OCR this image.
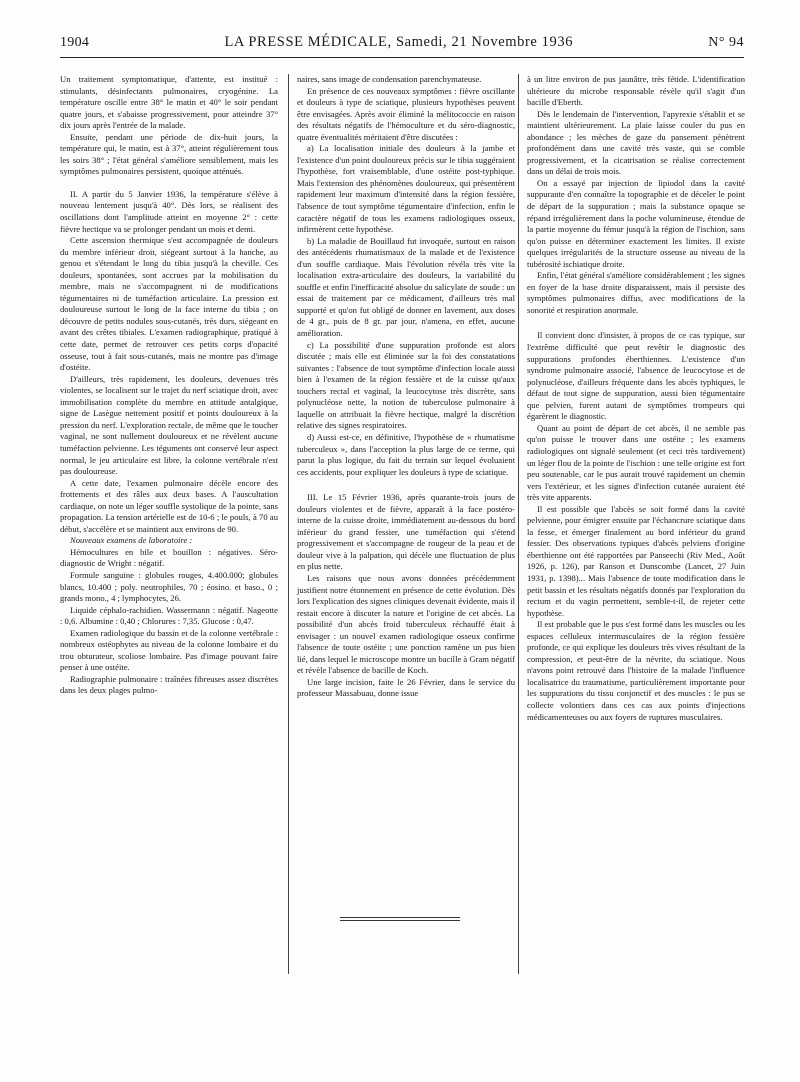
1904	LA PRESSE MÉDICALE, Samedi, 21 Novembre 1936	N° 94

Un traitement symptomatique, d'attente, est institué : stimulants, désinfectants pulmonaires, cryogénine. La température oscille entre 38° le matin et 40° le soir pendant quatre jours, et s'abaisse progressivement, pour atteindre 37° dix jours après l'entrée de la malade.

Ensuite, pendant une période de dix-huit jours, la température qui, le matin, est à 37°, atteint régulièrement tous les soirs 38° ; l'état général s'améliore sensiblement, mais les symptômes pulmonaires persistent, quoique atténués.

II. A partir du 5 Janvier 1936, la température s'élève à nouveau lentement jusqu'à 40°. Dès lors, se réalisent des oscillations dont l'amplitude atteint en moyenne 2° : cette fièvre hectique va se prolonger pendant un mois et demi.

Cette ascension thermique s'est accompagnée de douleurs du membre inférieur droit, siégeant surtout à la hanche, au genou et s'étendant le long du tibia jusqu'à la cheville. Ces douleurs, spontanées, sont accrues par la mobilisation du membre, mais ne s'accompagnent ni de modifications tégumentaires ni de tuméfaction articulaire. La pression est douloureuse surtout le long de la face interne du tibia ; on découvre de petits nodules sous-cutanés, très durs, siégeant en avant des crêtes tibiales. L'examen radiographique, pratiqué à cette date, permet de retrouver ces petits corps d'opacité osseuse, tout à fait sous-cutanés, mais ne montre pas d'image d'ostéite.

D'ailleurs, très rapidement, les douleurs, devenues très violentes, se localisent sur le trajet du nerf sciatique droit, avec immobilisation complète du membre en attitude antalgique, signe de Lasègue nettement positif et points douloureux à la pression du nerf. L'exploration rectale, de même que le toucher vaginal, ne sont nullement douloureux et ne révèlent aucune tuméfaction pelvienne. Les téguments ont conservé leur aspect normal, le jeu articulaire est libre, la colonne vertébrale n'est pas douloureuse.

A cette date, l'examen pulmonaire décèle encore des frottements et des râles aux deux bases. A l'auscultation cardiaque, on note un léger souffle systolique de la pointe, sans propagation. La tension artérielle est de 10-6 ; le pouls, à 70 au début, s'accélère et se maintient aux environs de 90.

Nouveaux examens de laboratoire :

Hémocultures en bile et bouillon : négatives. Séro-diagnostic de Wright : négatif.

Formule sanguine : globules rouges, 4.400.000; globules blancs, 10.400 ; poly. neutrophiles, 70 ; éosino. et baso., 0 ; grands mono., 4 ; lymphocytes, 26.

Liquide céphalo-rachidien. Wassermann : négatif. Nageotte : 0,6. Albumine : 0,40 ; Chlorures : 7,35. Glucose : 0,47.

Examen radiologique du bassin et de la colonne vertébrale : nombreux ostéophytes au niveau de la colonne lombaire et du trou obturateur, scoliose lombaire. Pas d'image pouvant faire penser à une ostéite.

Radiographie pulmonaire : traînées fibreuses assez discrètes dans les deux plages pulmo-

naires, sans image de condensation parenchymateuse.

En présence de ces nouveaux symptômes : fièvre oscillante et douleurs à type de sciatique, plusieurs hypothèses peuvent être envisagées. Après avoir éliminé la mélitococcie en raison des résultats négatifs de l'hémoculture et du séro-diagnostic, quatre éventualités méritaient d'être discutées :

a) La localisation initiale des douleurs à la jambe et l'existence d'un point douloureux précis sur le tibia suggéraient l'hypothèse, fort vraisemblable, d'une ostéite post-typhique. Mais l'extension des phénomènes douloureux, qui présentèrent rapidement leur maximum d'intensité dans la région fessière, l'absence de tout symptôme tégumentaire d'infection, enfin le caractère négatif de tous les examens radiologiques osseux, infirmèrent cette hypothèse.

b) La maladie de Bouillaud fut invoquée, surtout en raison des antécédents rhumatismaux de la malade et de l'existence d'un souffle cardiaque. Mais l'évolution révéla très vite la localisation extra-articulaire des douleurs, la variabilité du souffle et enfin l'inefficacité absolue du salicylate de soude : un essai de traitement par ce médicament, d'ailleurs très mal supporté et qu'on fut obligé de donner en lavement, aux doses de 4 gr., puis de 8 gr. par jour, n'amena, en effet, aucune amélioration.

c) La possibilité d'une suppuration profonde est alors discutée ; mais elle est éliminée sur la foi des constatations suivantes : l'absence de tout symptôme d'infection locale aussi bien à l'examen de la région fessière et de la cuisse qu'aux touchers rectal et vaginal, la leucocytose très discrète, sans polynucléose nette, la notion de tuberculose pulmonaire à laquelle on attribuait la fièvre hectique, malgré la discrétion relative des signes respiratoires.

d) Aussi est-ce, en définitive, l'hypothèse de « rhumatisme tuberculeux », dans l'acception la plus large de ce terme, qui parut la plus logique, du fait du terrain sur lequel évoluaient ces accidents, pour expliquer les douleurs à type de sciatique.

III. Le 15 Février 1936, après quarante-trois jours de douleurs violentes et de fièvre, apparaît à la face postéro-interne de la cuisse droite, immédiatement au-dessous du bord inférieur du grand fessier, une tuméfaction qui s'étend progressivement et s'accompagne de rougeur de la peau et de douleur vive à la palpation, qui décèle une fluctuation de plus en plus nette.

Les raisons que nous avons données précédemment justifient notre étonnement en présence de cette évolution. Dès lors l'explication des signes cliniques devenait évidente, mais il restait encore à discuter la nature et l'origine de cet abcès. La possibilité d'un abcès froid tuberculeux réchauffé était à envisager : un nouvel examen radiologique osseux confirme l'absence de toute ostéite ; une ponction ramène un pus bien lié, dans lequel le microscope montre un bacille à Gram négatif et révèle l'absence de bacille de Koch.

Une large incision, faite le 26 Février, dans le service du professeur Massabuau, donne issue

à un litre environ de pus jaunâtre, très fétide. L'identification ultérieure du microbe responsable révèle qu'il s'agit d'un bacille d'Eberth.

Dès le lendemain de l'intervention, l'apyrexie s'établit et se maintient ultérieurement. La plaie laisse couler du pus en abondance ; les mèches de gaze du pansement pénètrent profondément dans une cavité très vaste, qui se comble progressivement, et la cicatrisation se réalise correctement dans un délai de trois mois.

On a essayé par injection de lipiodol dans la cavité suppurante d'en connaître la topographie et de déceler le point de départ de la suppuration ; mais la substance opaque se répand irrégulièrement dans la poche volumineuse, étendue de la partie moyenne du fémur jusqu'à la région de l'ischion, sans qu'on puisse en déterminer exactement les limites. Il existe quelques irrégularités de la structure osseuse au niveau de la tubérosité ischiatique droite.

Enfin, l'état général s'améliore considérablement ; les signes en foyer de la base droite disparaissent, mais il persiste des symptômes pulmonaires diffus, avec modifications de la sonorité et respiration anormale.

Il convient donc d'insister, à propos de ce cas typique, sur l'extrême difficulté que peut revêtir le diagnostic des suppurations profondes éberthiennes. L'existence d'un syndrome pulmonaire associé, l'absence de leucocytose et de polynucléose, d'ailleurs fréquente dans les abcès typhiques, le défaut de tout signe de suppuration, aussi bien tégumentaire que pelvien, furent autant de symptômes trompeurs qui égarèrent le diagnostic.

Quant au point de départ de cet abcès, il ne semble pas qu'on puisse le trouver dans une ostéite ; les examens radiologiques ont signalé seulement (et ceci très tardivement) un léger flou de la pointe de l'ischion : une telle origine est fort peu soutenable, car le pus aurait trouvé rapidement un chemin vers l'extérieur, et les signes d'infection cutanée auraient été très vite apparents.

Il est possible que l'abcès se soit formé dans la cavité pelvienne, pour émigrer ensuite par l'échancrure sciatique dans la fesse, et émerger finalement au bord inférieur du grand fessier. Des observations typiques d'abcès pelviens d'origine éberthienne ont été rapportées par Panseechi (Riv Med., Août 1926, p. 126), par Ranson et Dunscombe (Lancet, 27 Juin 1931, p. 1398)... Mais l'absence de toute modification dans le petit bassin et les résultats négatifs donnés par l'exploration du rectum et du vagin permettent, semble-t-il, de rejeter cette hypothèse.

Il est probable que le pus s'est formé dans les muscles ou les espaces celluleux intermusculaires de la région fessière profonde, ce qui explique les douleurs très vives résultant de la compression, et peut-être de la névrite, du sciatique. Nous n'avons point retrouvé dans l'histoire de la malade l'influence localisatrice du traumatisme, particulièrement importante pour les suppurations du tissu conjonctif et des muscles : le pus se collecte volontiers dans ces cas aux points d'injections médicamenteuses ou aux foyers de ruptures musculaires.
